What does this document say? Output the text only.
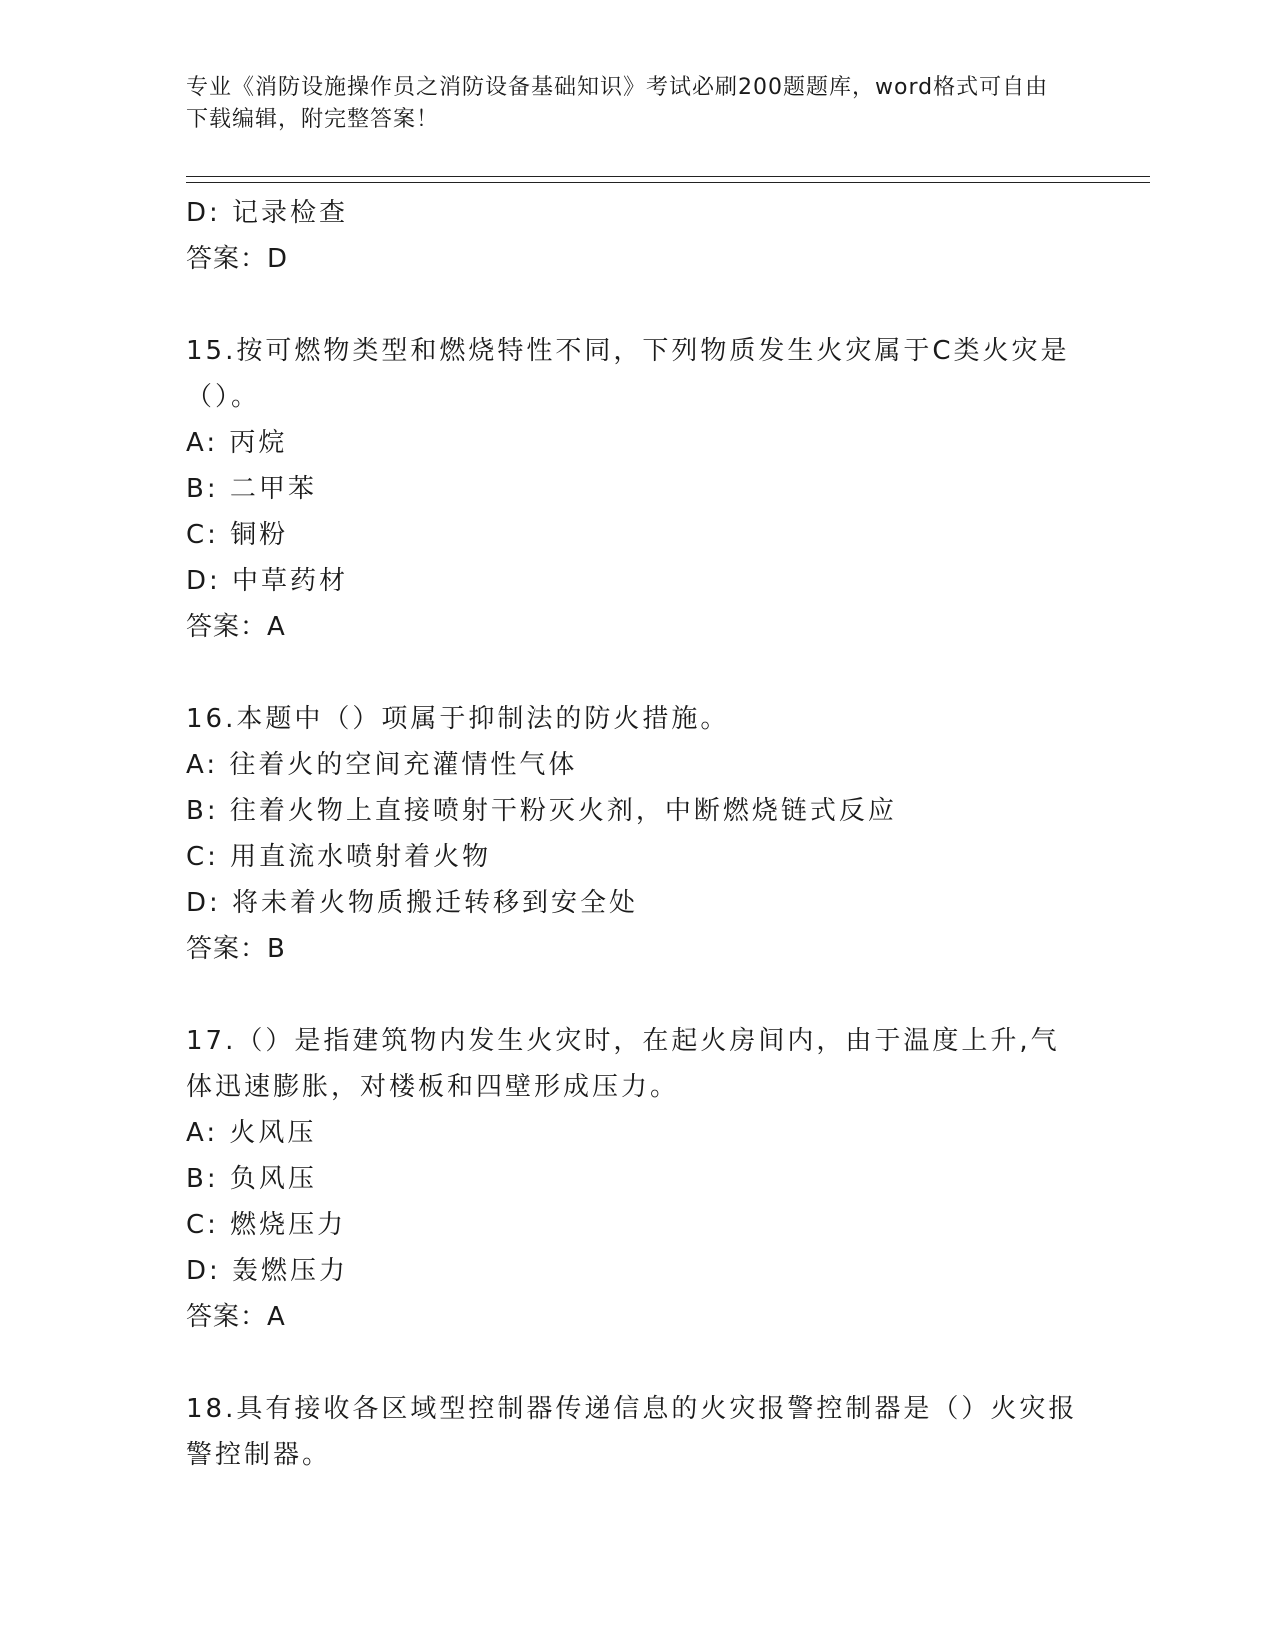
专业《消防设施操作员之消防设备基础知识》考试必刷200题题库，word格式可自由下载编辑，附完整答案！
D: 记录检查
答案：D
15.按可燃物类型和燃烧特性不同，下列物质发生火灾属于C类火灾是（）。
A: 丙烷
B: 二甲苯
C: 铜粉
D: 中草药材
答案：A
16.本题中（）项属于抑制法的防火措施。
A: 往着火的空间充灌情性气体
B: 往着火物上直接喷射干粉灭火剂，中断燃烧链式反应
C: 用直流水喷射着火物
D: 将未着火物质搬迁转移到安全处
答案：B
17.（）是指建筑物内发生火灾时，在起火房间内，由于温度上升,气体迅速膨胀，对楼板和四壁形成压力。
A: 火风压
B: 负风压
C: 燃烧压力
D: 轰燃压力
答案：A
18.具有接收各区域型控制器传递信息的火灾报警控制器是（）火灾报警控制器。
